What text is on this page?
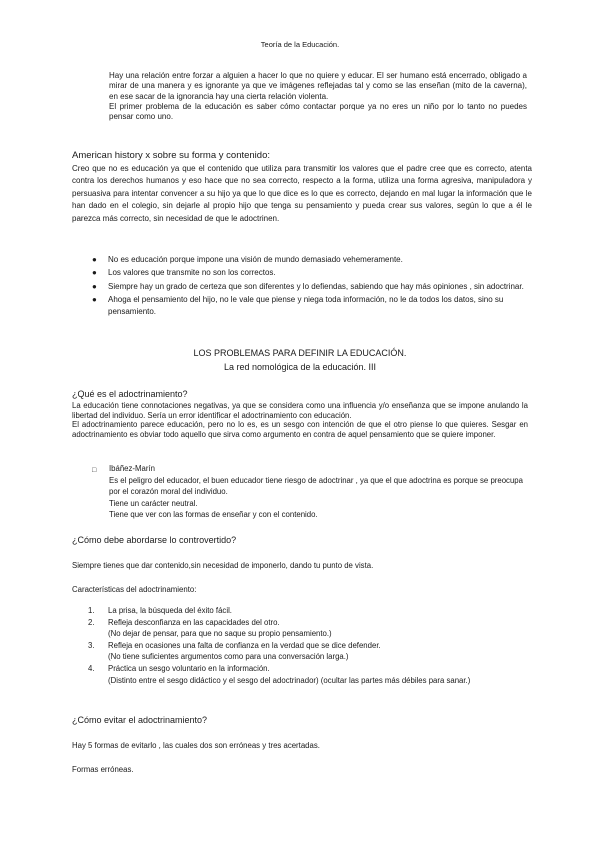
Teoría de la Educación.

Hay una relación entre forzar a alguien a hacer lo que no quiere y educar. El ser humano está encerrado, obligado a mirar de una manera y es ignorante ya que ve imágenes reflejadas tal y como se las enseñan (mito de la caverna), en ese sacar de la ignorancia hay una cierta relación violenta.

El primer problema de la educación es saber cómo contactar porque ya no eres un niño por lo tanto no puedes pensar como uno.

American history x sobre su forma y contenido:
Creo que no es educación ya que el contenido que utiliza para transmitir los valores que el padre cree que es correcto, atenta contra los derechos humanos y eso hace que no sea correcto, respecto a la forma, utiliza una forma agresiva, manipuladora y persuasiva para intentar convencer a su hijo ya que lo que dice es lo que es correcto, dejando en mal lugar la información que le han dado en el colegio, sin dejarle al propio hijo que tenga su pensamiento y pueda crear sus valores, según lo que a él le parezca más correcto, sin necesidad de que le adoctrinen.
● No es educación porque impone una visión de mundo demasiado vehemeramente.
● Los valores que transmite no son los correctos.
● Siempre hay un grado de certeza que son diferentes y lo defiendas, sabiendo que hay más opiniones , sin adoctrinar.
● Ahoga el pensamiento del hijo, no le vale que piense y niega toda información, no le da todos los datos, sino su pensamiento.
LOS PROBLEMAS PARA DEFINIR LA EDUCACIÓN.
La red nomológica de la educación. III
¿Qué es el adoctrinamiento?

La educación tiene connotaciones negativas, ya que se considera como una influencia y/o enseñanza que se impone anulando la libertad del individuo. Sería un error identificar el adoctrinamiento con educación.

El adoctrinamiento parece educación, pero no lo es, es un sesgo con intención de que el otro piense lo que quieres. Sesgar en adoctrinamiento es obviar todo aquello que sirva como argumento en contra de aquel pensamiento que se quiere imponer.

□ Ibáñez-Marín
Es el peligro del educador, el buen educador tiene riesgo de adoctrinar , ya que el que adoctrina es porque se preocupa por el corazón moral del individuo.
Tiene un carácter neutral.
Tiene que ver con las formas de enseñar y con el contenido.
¿Cómo debe abordarse lo controvertido?
Siempre tienes que dar contenido,sin necesidad de imponerlo, dando tu punto de vista.
Características del adoctrinamiento:
1. La prisa, la búsqueda del éxito fácil.
2. Refleja desconfianza en las capacidades del otro.
(No dejar de pensar, para que no saque su propio pensamiento.)
3. Refleja en ocasiones una falta de confianza en la verdad que se dice defender.
(No tiene suficientes argumentos como para una conversación larga.)
4. Práctica un sesgo voluntario en la información.
(Distinto entre el sesgo didáctico y el sesgo del adoctrinador) (ocultar las partes más débiles para sanar.)
¿Cómo evitar el adoctrinamiento?
Hay 5 formas de evitarlo , las cuales dos son erróneas y tres acertadas.
Formas erróneas.
